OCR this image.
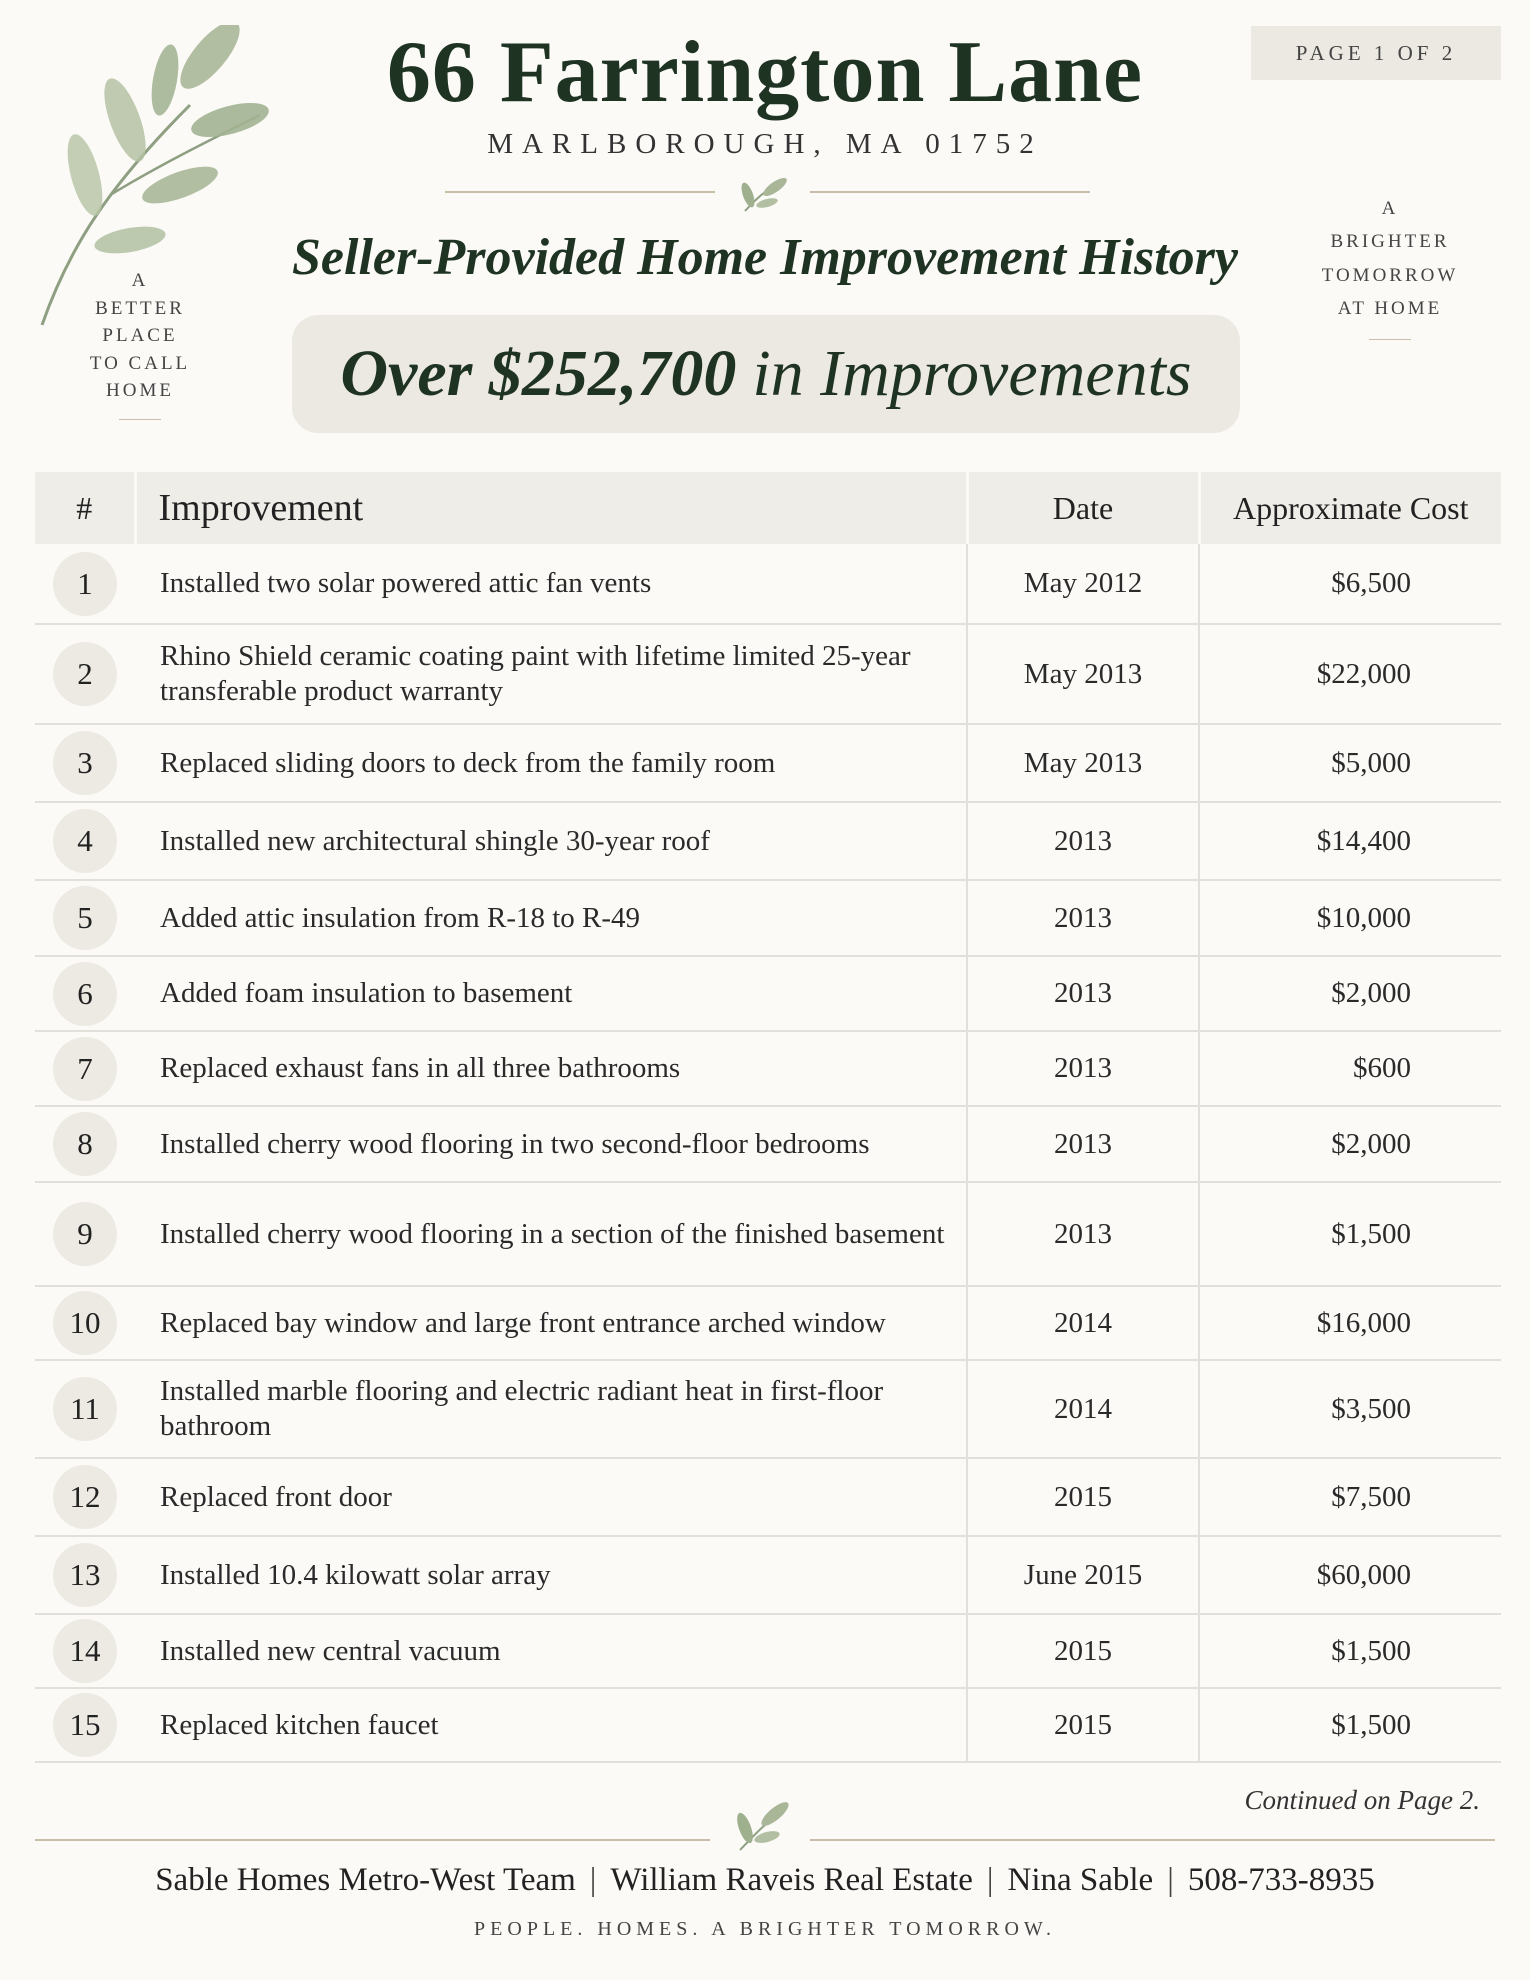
A
BETTER
PLACE
TO CALL
HOME
A
BRIGHTER
TOMORROW
AT HOME
PAGE 1 OF 2
66 Farrington Lane
MARLBOROUGH, MA 01752
Seller-Provided Home Improvement History
Over $252,700 in Improvements
#	Improvement	Date	Approximate Cost
1	Installed two solar powered attic fan vents	May 2012	$6,500
2	Rhino Shield ceramic coating paint with lifetime limited 25-year transferable product warranty	May 2013	$22,000
3	Replaced sliding doors to deck from the family room	May 2013	$5,000
4	Installed new architectural shingle 30-year roof	2013	$14,400
5	Added attic insulation from R-18 to R-49	2013	$10,000
6	Added foam insulation to basement	2013	$2,000
7	Replaced exhaust fans in all three bathrooms	2013	$600
8	Installed cherry wood flooring in two second-floor bedrooms	2013	$2,000
9	Installed cherry wood flooring in a section of the finished basement	2013	$1,500
10	Replaced bay window and large front entrance arched window	2014	$16,000
11	Installed marble flooring and electric radiant heat in first-floor bathroom	2014	$3,500
12	Replaced front door	2015	$7,500
13	Installed 10.4 kilowatt solar array	June 2015	$60,000
14	Installed new central vacuum	2015	$1,500
15	Replaced kitchen faucet	2015	$1,500
Continued on Page 2.
Sable Homes Metro-West Team | William Raveis Real Estate | Nina Sable | 508-733-8935
PEOPLE. HOMES. A BRIGHTER TOMORROW.
